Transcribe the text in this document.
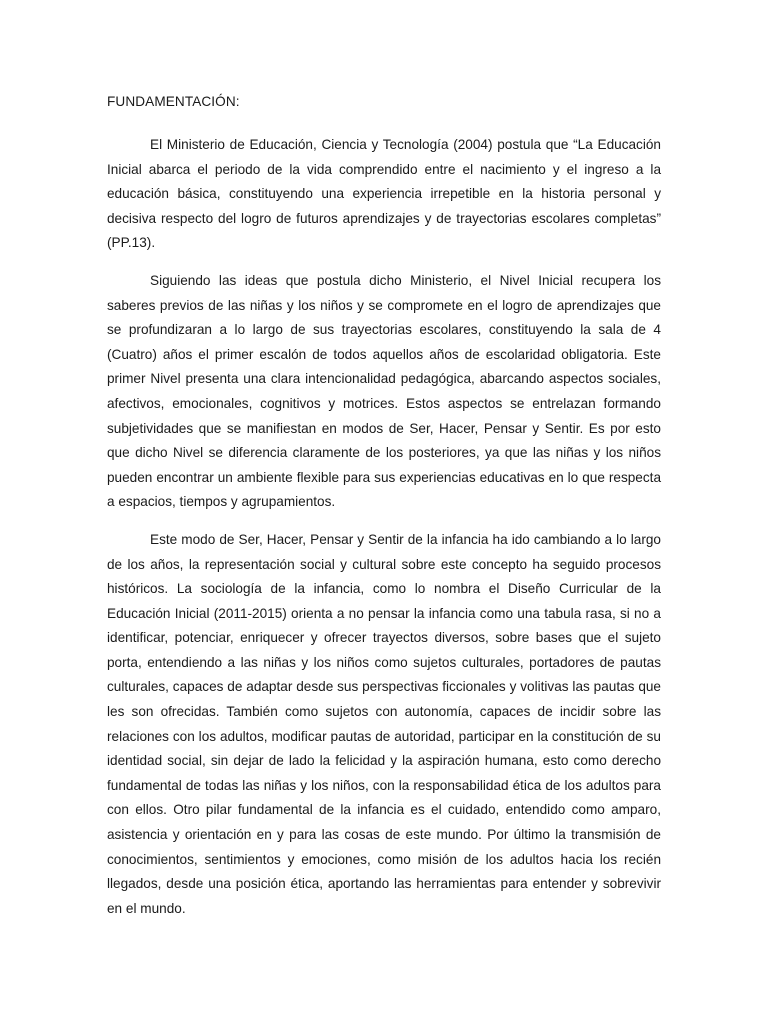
FUNDAMENTACIÓN:

El Ministerio de Educación, Ciencia y Tecnología (2004) postula que “La Educación Inicial abarca el periodo de la vida comprendido entre el nacimiento y el ingreso a la educación básica, constituyendo una experiencia irrepetible en la historia personal y decisiva respecto del logro de futuros aprendizajes y de trayectorias escolares completas” (PP.13).

Siguiendo las ideas que postula dicho Ministerio, el Nivel Inicial recupera los saberes previos de las niñas y los niños y se compromete en el logro de aprendizajes que se profundizaran a lo largo de sus trayectorias escolares, constituyendo la sala de 4 (Cuatro) años el primer escalón de todos aquellos años de escolaridad obligatoria. Este primer Nivel presenta una clara intencionalidad pedagógica, abarcando aspectos sociales, afectivos, emocionales, cognitivos y motrices. Estos aspectos se entrelazan formando subjetividades que se manifiestan en modos de Ser, Hacer, Pensar y Sentir. Es por esto que dicho Nivel se diferencia claramente de los posteriores, ya que las niñas y los niños pueden encontrar un ambiente flexible para sus experiencias educativas en lo que respecta a espacios, tiempos y agrupamientos.

Este modo de Ser, Hacer, Pensar y Sentir de la infancia ha ido cambiando a lo largo de los años, la representación social y cultural sobre este concepto ha seguido procesos históricos. La sociología de la infancia, como lo nombra el Diseño Curricular de la Educación Inicial (2011-2015) orienta a no pensar la infancia como una tabula rasa, si no a identificar, potenciar, enriquecer y ofrecer trayectos diversos, sobre bases que el sujeto porta, entendiendo a las niñas y los niños como sujetos culturales, portadores de pautas culturales, capaces de adaptar desde sus perspectivas ficcionales y volitivas las pautas que les son ofrecidas. También como sujetos con autonomía, capaces de incidir sobre las relaciones con los adultos, modificar pautas de autoridad, participar en la constitución de su identidad social, sin dejar de lado la felicidad y la aspiración humana, esto como derecho fundamental de todas las niñas y los niños, con la responsabilidad ética de los adultos para con ellos. Otro pilar fundamental de la infancia es el cuidado, entendido como amparo, asistencia y orientación en y para las cosas de este mundo. Por último la transmisión de conocimientos, sentimientos y emociones, como misión de los adultos hacia los recién llegados, desde una posición ética, aportando las herramientas para entender y sobrevivir en el mundo.
